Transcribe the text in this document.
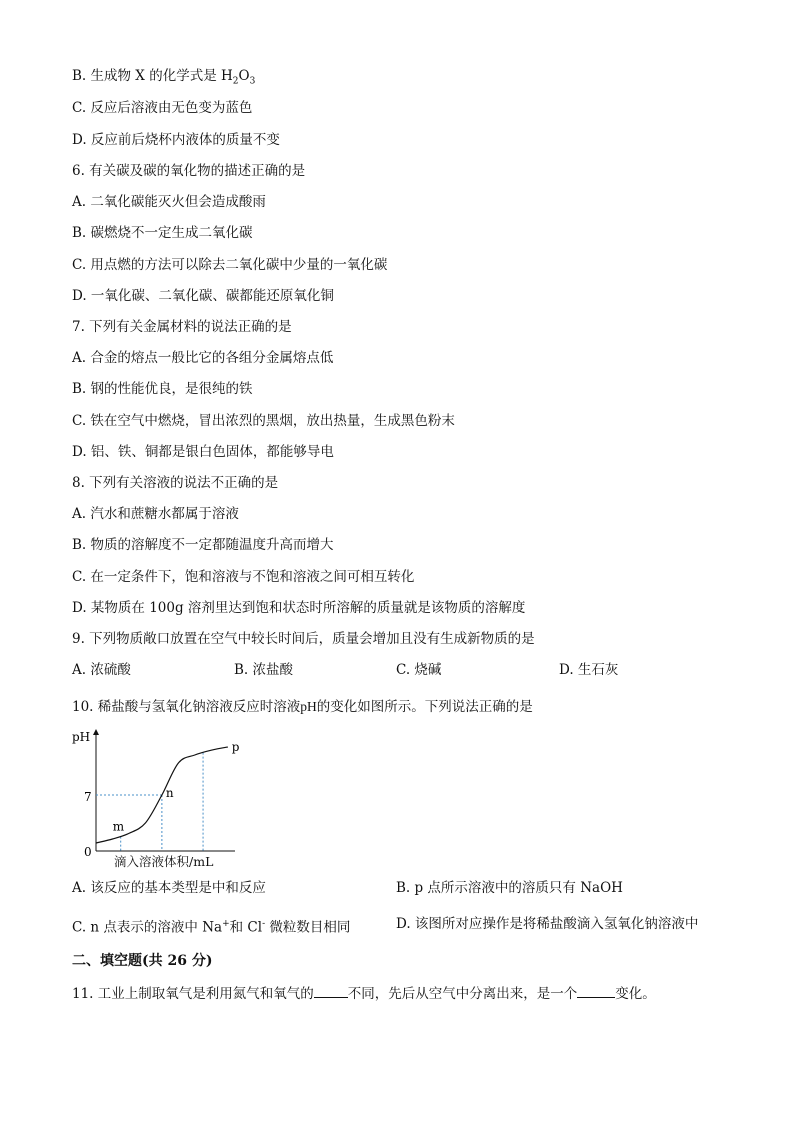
B. 生成物 X 的化学式是 $H_2O_3$
C. 反应后溶液由无色变为蓝色
D. 反应前后烧杯内液体的质量不变
6. 有关碳及碳的氧化物的描述正确的是
A. 二氧化碳能灭火但会造成酸雨
B. 碳燃烧不一定生成二氧化碳
C. 用点燃的方法可以除去二氧化碳中少量的一氧化碳
D. 一氧化碳、二氧化碳、碳都能还原氧化铜
7. 下列有关金属材料的说法正确的是
A. 合金的熔点一般比它的各组分金属熔点低
B. 钢的性能优良，是很纯的铁
C. 铁在空气中燃烧，冒出浓烈的黑烟，放出热量，生成黑色粉末
D. 铝、铁、铜都是银白色固体，都能够导电
8. 下列有关溶液的说法不正确的是
A. 汽水和蔗糖水都属于溶液
B. 物质的溶解度不一定都随温度升高而增大
C. 在一定条件下，饱和溶液与不饱和溶液之间可相互转化
D. 某物质在 100g 溶剂里达到饱和状态时所溶解的质量就是该物质的溶解度
9. 下列物质敞口放置在空气中较长时间后，质量会增加且没有生成新物质的是
A. 浓硫酸	B. 浓盐酸	C. 烧碱	D. 生石灰
10. 稀盐酸与氢氧化钠溶液反应时溶液pH的变化如图所示。下列说法正确的是
pH
0
7
m
n
p
滴入溶液体积/mL
A. 该反应的基本类型是中和反应	B. p 点所示溶液中的溶质只有 NaOH
C. n 点表示的溶液中 Na+和 Cl- 微粒数目相同	D. 该图所对应操作是将稀盐酸滴入氢氧化钠溶液中
二、填空题(共 26 分)
11. 工业上制取氧气是利用氮气和氧气的	不同，先后从空气中分离出来，是一个	变化。
